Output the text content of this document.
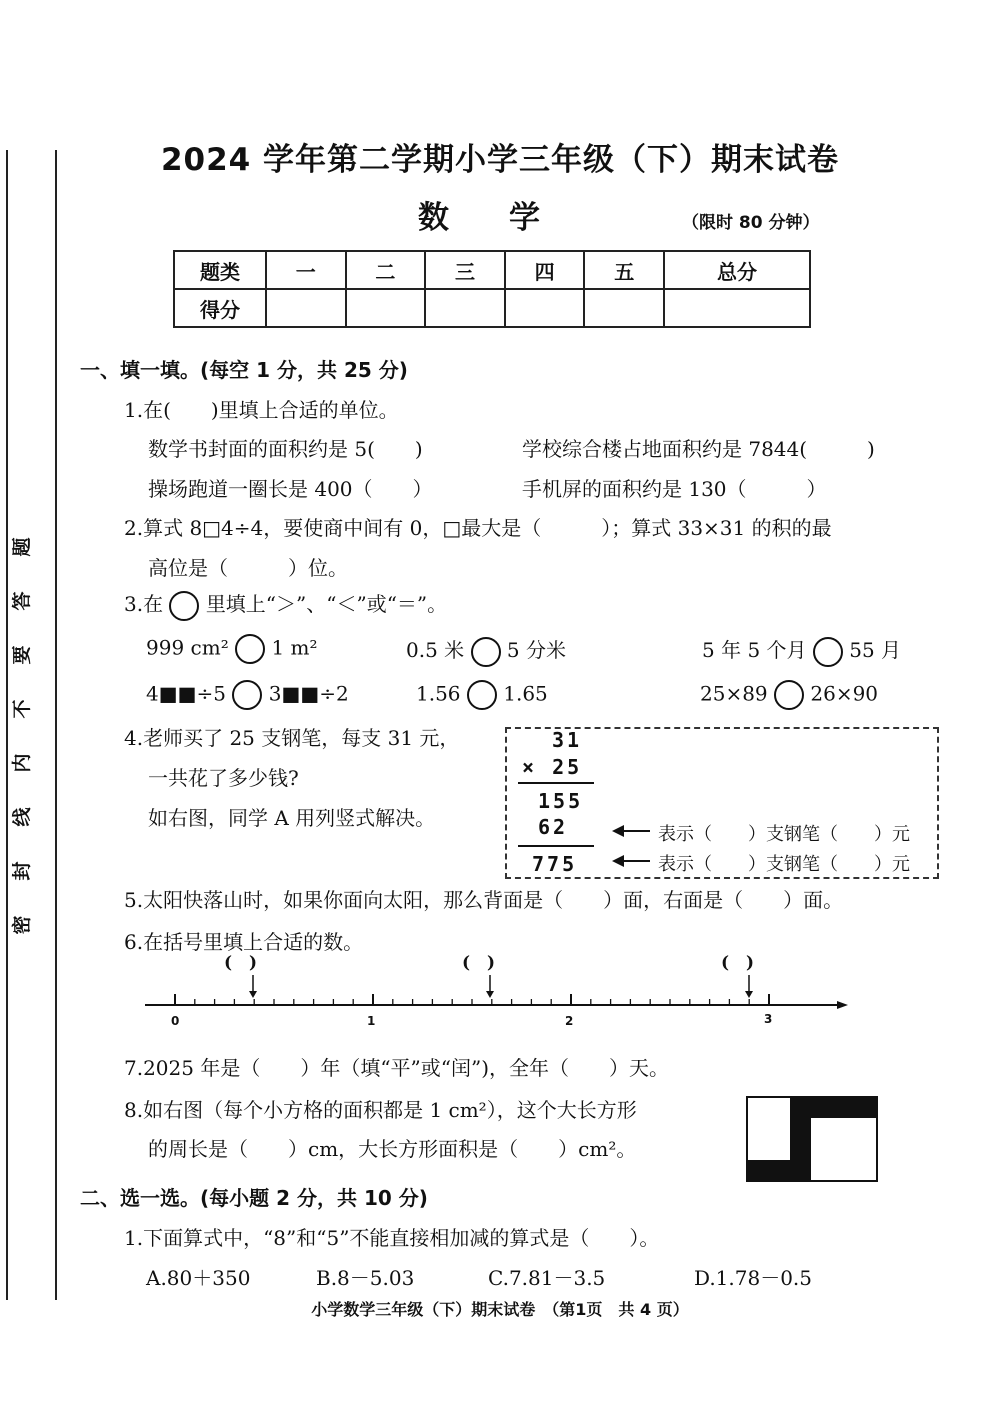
题
答
要
不
内
线
封
密
2024 学年第二学期小学三年级（下）期末试卷
数学	（限时 80 分钟）
题类	一	二	三	四	五	总分
得分						
一、填一填。(每空 1 分，共 25 分)
1.在(　　)里填上合适的单位。
数学书封面的面积约是 5(　　)	学校综合楼占地面积约是 7844(　　　)
操场跑道一圈长是 400（　　）	手机屏的面积约是 130（　　　）
2.算式 8□4÷4，要使商中间有 0，□最大是（　　　）；算式 33×31 的积的最
高位是（　　　）位。
3.在 里填上“＞”、“＜”或“＝”。
999 cm² 1 m²	0.5 米 5 分米	5 年 5 个月 55 月
4■■÷5 3■■÷2	1.56 1.65	25×89 26×90
4.老师买了 25 支钢笔，每支 31 元，
一共花了多少钱?
如右图，同学 A 用列竖式解决。
31
× 25
155
62
775
表示（　　）支钢笔（　　）元
表示（　　）支钢笔（　　）元
5.太阳快落山时，如果你面向太阳，那么背面是（　　）面，右面是（　　）面。
6.在括号里填上合适的数。
(　)	(　)	(　)
0	1	2	3
7.2025 年是（　　）年（填“平”或“闰”)，全年（　　）天。
8.如右图（每个小方格的面积都是 1 cm²），这个大长方形
的周长是（　　）cm，大长方形面积是（　　）cm²。
二、选一选。(每小题 2 分，共 10 分)
1.下面算式中，“8”和“5”不能直接相加减的算式是（　　）。
A.80＋350	B.8－5.03	C.7.81－3.5	D.1.78－0.5
小学数学三年级（下）期末试卷　（第1页　共 4 页）
